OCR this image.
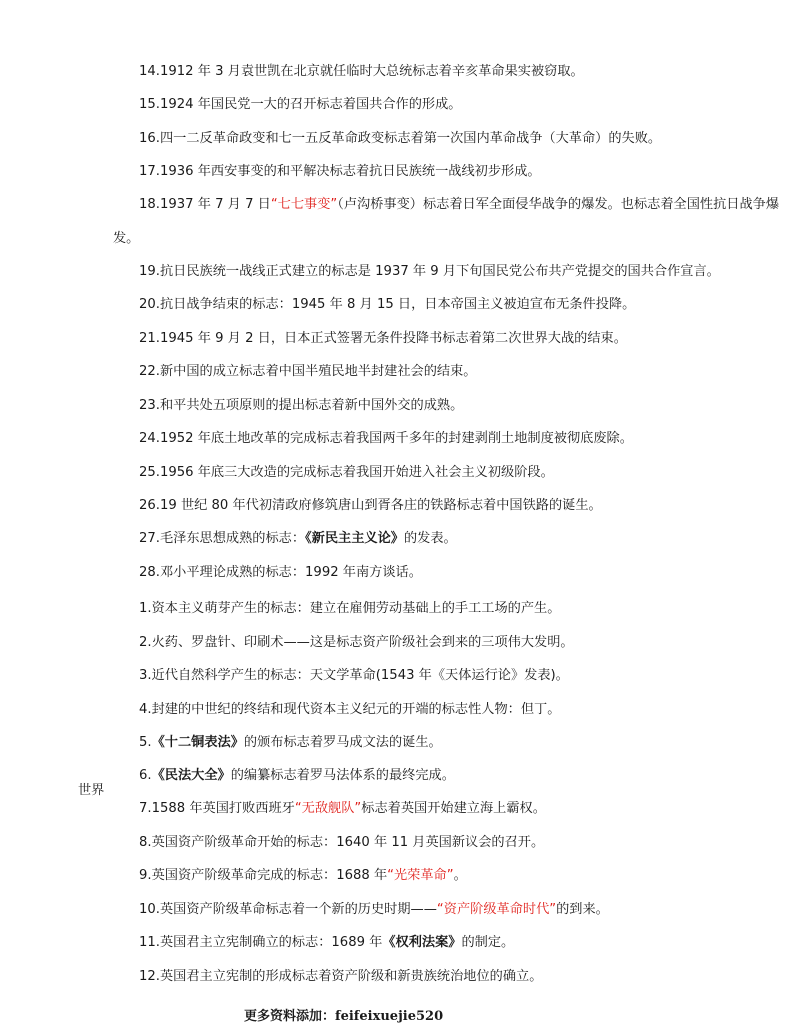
14.1912 年 3 月袁世凯在北京就任临时大总统标志着辛亥革命果实被窃取。
15.1924 年国民党一大的召开标志着国共合作的形成。
16.四一二反革命政变和七一五反革命政变标志着第一次国内革命战争（大革命）的失败。
17.1936 年西安事变的和平解决标志着抗日民族统一战线初步形成。
18.1937 年 7 月 7 日“七七事变”（卢沟桥事变）标志着日军全面侵华战争的爆发。也标志着全国性抗日战争爆
发。
19.抗日民族统一战线正式建立的标志是 1937 年 9 月下旬国民党公布共产党提交的国共合作宣言。
20.抗日战争结束的标志：1945 年 8 月 15 日，日本帝国主义被迫宣布无条件投降。
21.1945 年 9 月 2 日，日本正式签署无条件投降书标志着第二次世界大战的结束。
22.新中国的成立标志着中国半殖民地半封建社会的结束。
23.和平共处五项原则的提出标志着新中国外交的成熟。
24.1952 年底土地改革的完成标志着我国两千多年的封建剥削土地制度被彻底废除。
25.1956 年底三大改造的完成标志着我国开始进入社会主义初级阶段。
26.19 世纪 80 年代初清政府修筑唐山到胥各庄的铁路标志着中国铁路的诞生。
27.毛泽东思想成熟的标志：《新民主主义论》的发表。
28.邓小平理论成熟的标志：1992 年南方谈话。
1.资本主义萌芽产生的标志：建立在雇佣劳动基础上的手工工场的产生。
2.火药、罗盘针、印刷术——这是标志资产阶级社会到来的三项伟大发明。
3.近代自然科学产生的标志：天文学革命(1543 年《天体运行论》发表)。
4.封建的中世纪的终结和现代资本主义纪元的开端的标志性人物：但丁。
5.《十二铜表法》的颁布标志着罗马成文法的诞生。
6.《民法大全》的编纂标志着罗马法体系的最终完成。
7.1588 年英国打败西班牙“无敌舰队”标志着英国开始建立海上霸权。
8.英国资产阶级革命开始的标志：1640 年 11 月英国新议会的召开。
9.英国资产阶级革命完成的标志：1688 年“光荣革命”。
10.英国资产阶级革命标志着一个新的历史时期——“资产阶级革命时代”的到来。
11.英国君主立宪制确立的标志：1689 年《权利法案》的制定。
12.英国君主立宪制的形成标志着资产阶级和新贵族统治地位的确立。
世界
更多资料添加：feifeixuejie520
